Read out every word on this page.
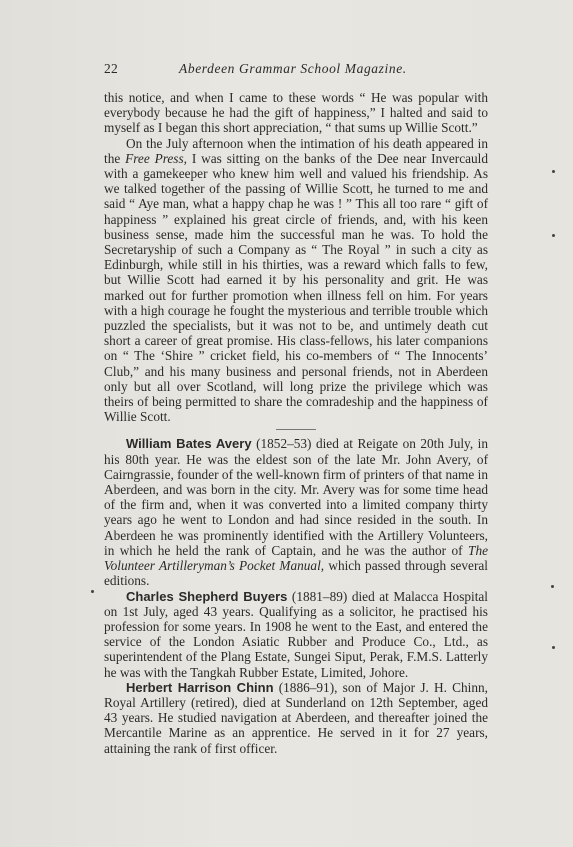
22	Aberdeen Grammar School Magazine.

this notice, and when I came to these words “ He was popular with everybody because he had the gift of happiness,” I halted and said to myself as I began this short appreciation, “ that sums up Willie Scott.”

On the July afternoon when the intimation of his death appeared in the Free Press, I was sitting on the banks of the Dee near Invercauld with a gamekeeper who knew him well and valued his friendship. As we talked together of the passing of Willie Scott, he turned to me and said “ Aye man, what a happy chap he was ! ” This all too rare “ gift of happiness ” explained his great circle of friends, and, with his keen business sense, made him the successful man he was. To hold the Secretaryship of such a Company as “ The Royal ” in such a city as Edinburgh, while still in his thirties, was a reward which falls to few, but Willie Scott had earned it by his personality and grit. He was marked out for further promotion when illness fell on him. For years with a high courage he fought the mysterious and terrible trouble which puzzled the specialists, but it was not to be, and untimely death cut short a career of great promise. His class-fellows, his later companions on “ The ‘Shire ” cricket field, his co-members of “ The Innocents’ Club,” and his many business and personal friends, not in Aberdeen only but all over Scotland, will long prize the privilege which was theirs of being permitted to share the comradeship and the happiness of Willie Scott.

William Bates Avery (1852–53) died at Reigate on 20th July, in his 80th year. He was the eldest son of the late Mr. John Avery, of Cairngrassie, founder of the well-known firm of printers of that name in Aberdeen, and was born in the city. Mr. Avery was for some time head of the firm and, when it was converted into a limited company thirty years ago he went to London and had since resided in the south. In Aberdeen he was prominently identified with the Artillery Volunteers, in which he held the rank of Captain, and he was the author of The Volunteer Artilleryman’s Pocket Manual, which passed through several editions.

Charles Shepherd Buyers (1881–89) died at Malacca Hospital on 1st July, aged 43 years. Qualifying as a solicitor, he practised his profession for some years. In 1908 he went to the East, and entered the service of the London Asiatic Rubber and Produce Co., Ltd., as superintendent of the Plang Estate, Sungei Siput, Perak, F.M.S. Latterly he was with the Tangkah Rubber Estate, Limited, Johore.

Herbert Harrison Chinn (1886–91), son of Major J. H. Chinn, Royal Artillery (retired), died at Sunderland on 12th September, aged 43 years. He studied navigation at Aberdeen, and thereafter joined the Mercantile Marine as an apprentice. He served in it for 27 years, attaining the rank of first officer.
